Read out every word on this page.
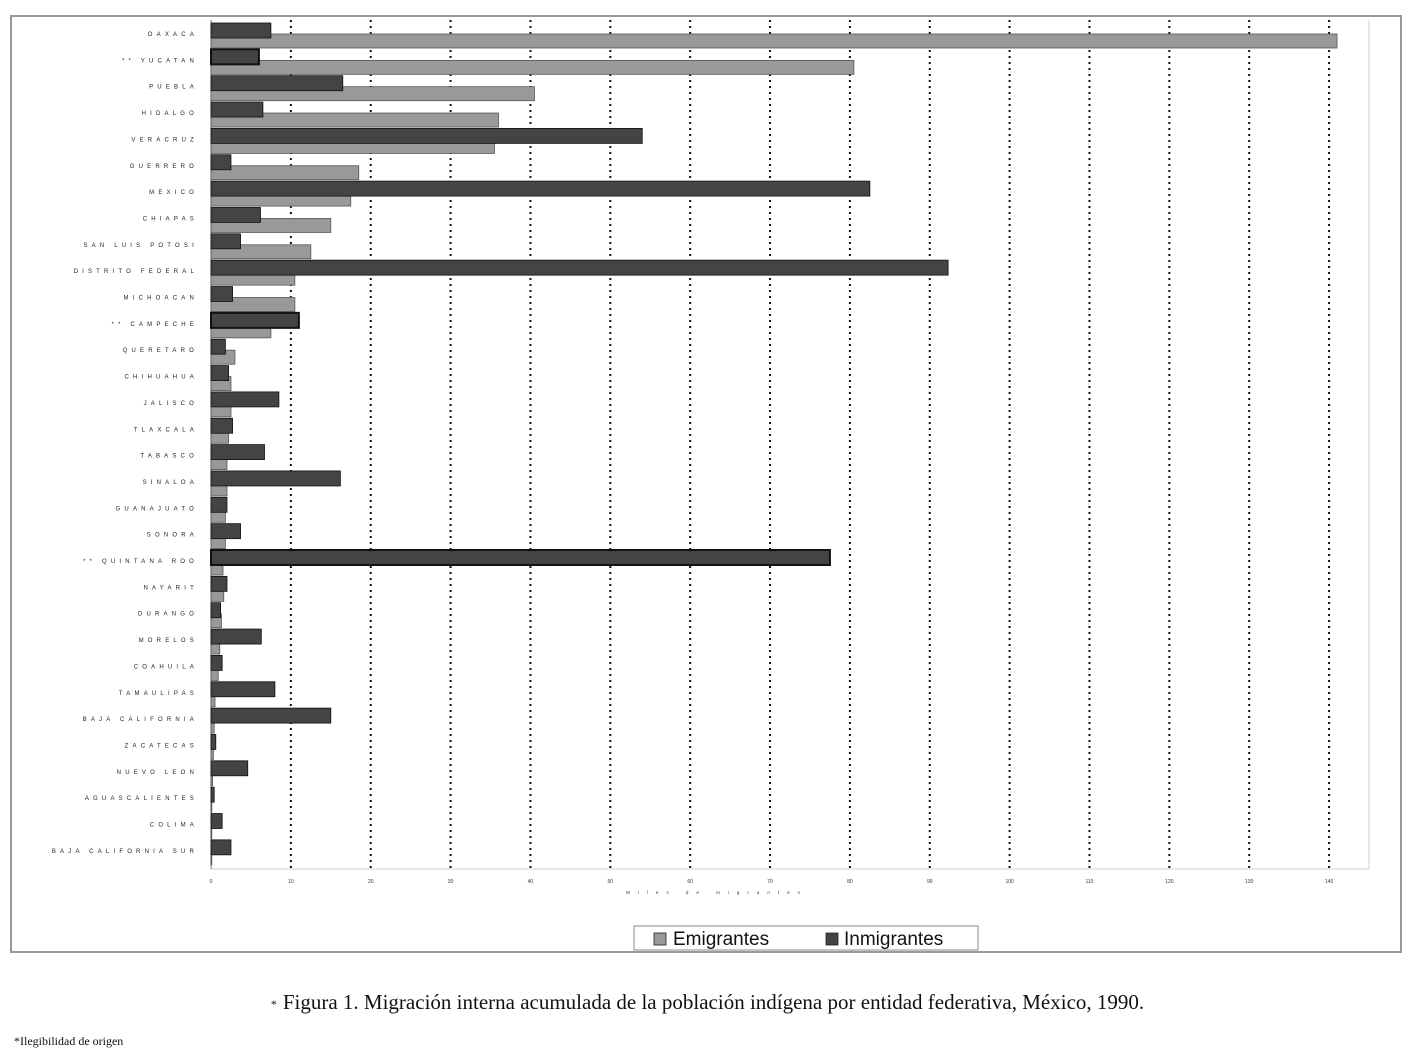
OAXACA
** YUCATAN
PUEBLA
HIDALGO
VERACRUZ
GUERRERO
MEXICO
CHIAPAS
SAN LUIS POTOSI
DISTRITO FEDERAL
MICHOACAN
** CAMPECHE
QUERETARO
CHIHUAHUA
JALISCO
TLAXCALA
TABASCO
SINALOA
GUANAJUATO
SONORA
** QUINTANA ROO
NAYARIT
DURANGO
MORELOS
COAHUILA
TAMAULIPAS
BAJA CALIFORNIA
ZACATECAS
NUEVO LEON
AGUASCALIENTES
COLIMA
BAJA CALIFORNIA SUR
0	10	20	30	40	50	60	70	80	90	100	110	120	130	140
Miles de migrantes
Emigrantes	Inmigrantes
* Figura 1. Migración interna acumulada de la población indígena por entidad federativa, México, 1990.
*Ilegibilidad de origen
